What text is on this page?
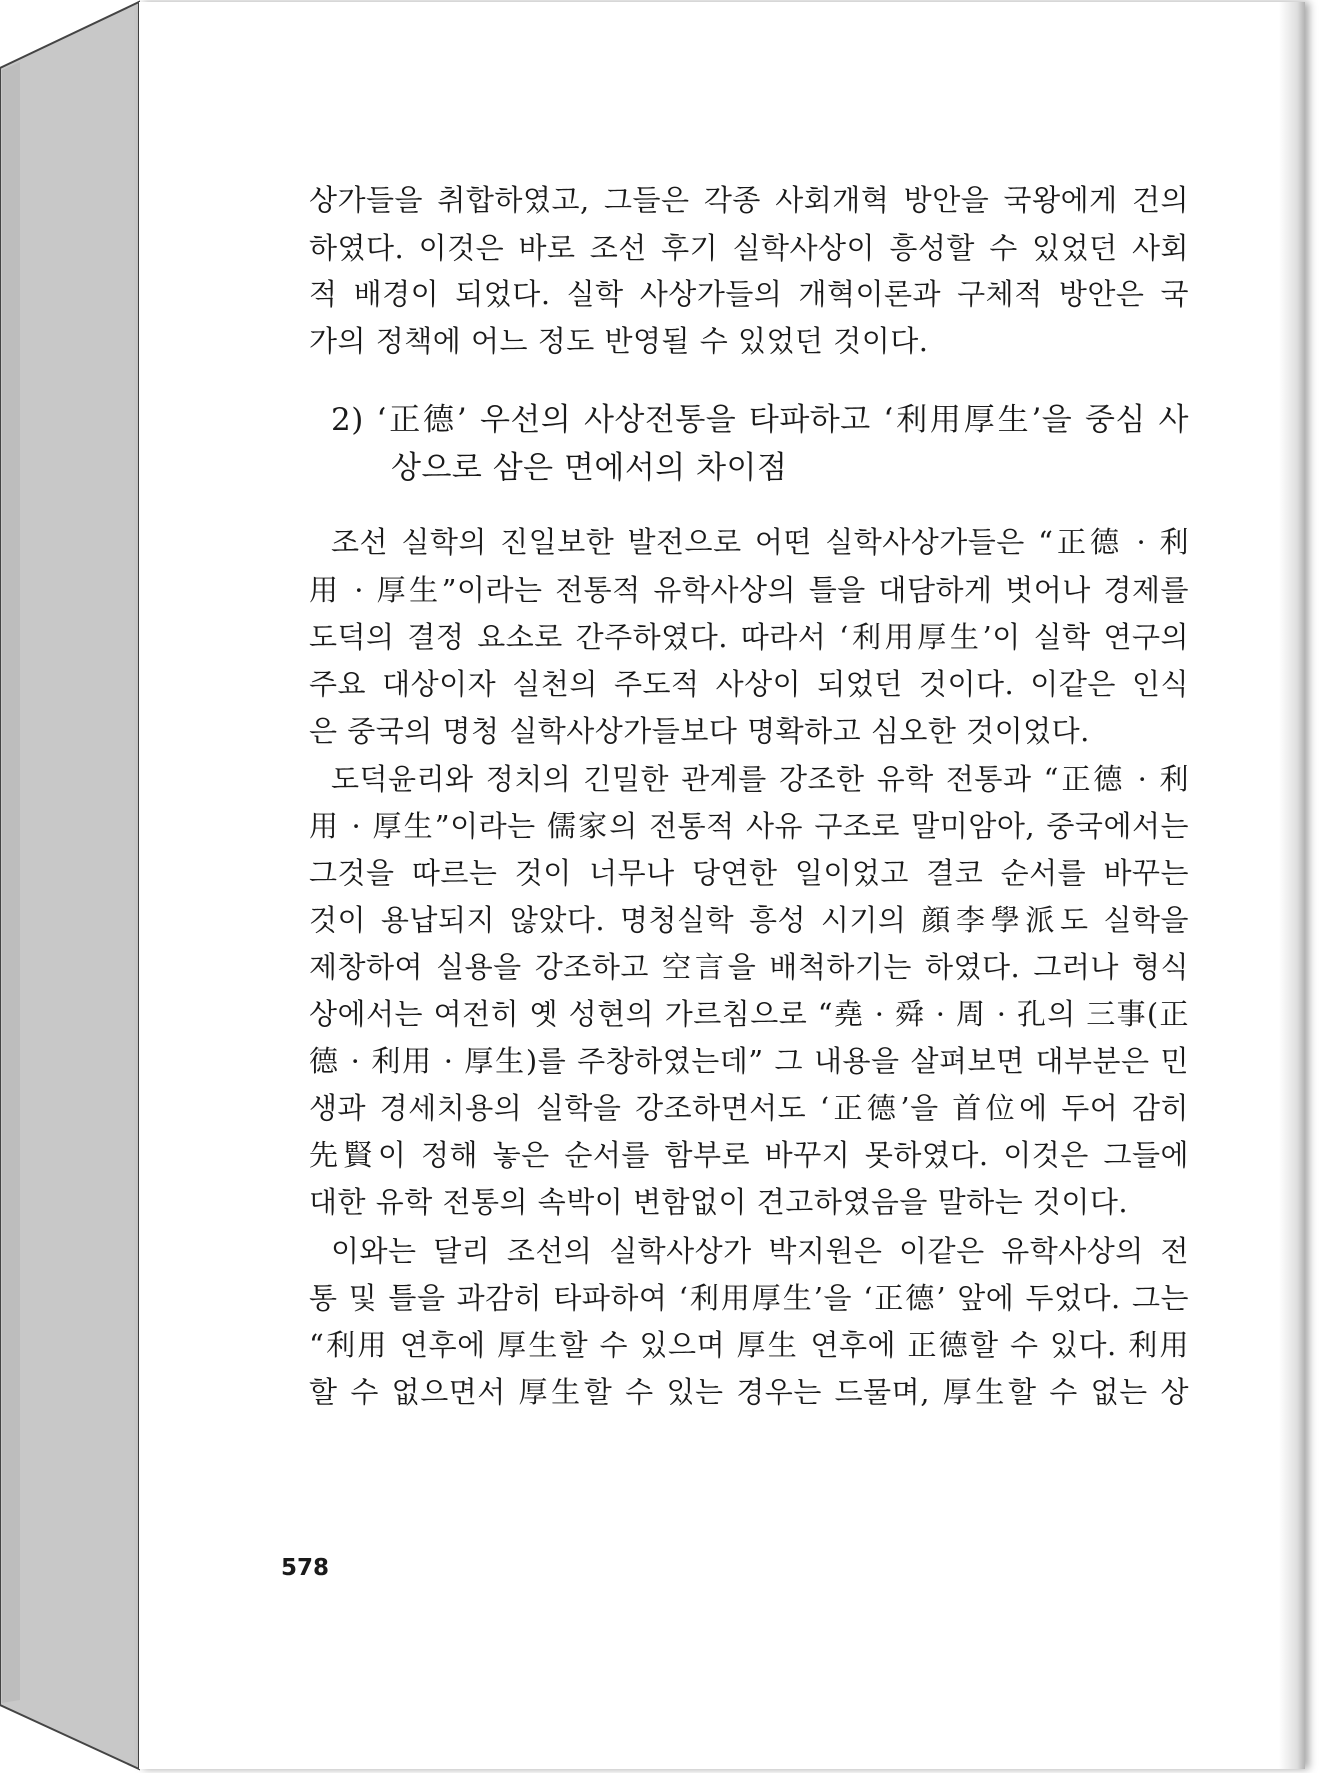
상가들을 취합하였고, 그들은 각종 사회개혁 방안을 국왕에게 건의
하였다. 이것은 바로 조선 후기 실학사상이 흥성할 수 있었던 사회
적 배경이 되었다. 실학 사상가들의 개혁이론과 구체적 방안은 국
가의 정책에 어느 정도 반영될 수 있었던 것이다.
2) ‘正德’ 우선의 사상전통을 타파하고 ‘利用厚生’을 중심 사
상으로 삼은 면에서의 차이점
조선 실학의 진일보한 발전으로 어떤 실학사상가들은 “正德 · 利
用 · 厚生”이라는 전통적 유학사상의 틀을 대담하게 벗어나 경제를
도덕의 결정 요소로 간주하였다. 따라서 ‘利用厚生’이 실학 연구의
주요 대상이자 실천의 주도적 사상이 되었던 것이다. 이같은 인식
은 중국의 명청 실학사상가들보다 명확하고 심오한 것이었다.
도덕윤리와 정치의 긴밀한 관계를 강조한 유학 전통과 “正德 · 利
用 · 厚生”이라는 儒家의 전통적 사유 구조로 말미암아, 중국에서는
그것을 따르는 것이 너무나 당연한 일이었고 결코 순서를 바꾸는
것이 용납되지 않았다. 명청실학 흥성 시기의 顔李學派도 실학을
제창하여 실용을 강조하고 空言을 배척하기는 하였다. 그러나 형식
상에서는 여전히 옛 성현의 가르침으로 “堯 · 舜 · 周 · 孔의 三事(正
德 · 利用 · 厚生)를 주창하였는데” 그 내용을 살펴보면 대부분은 민
생과 경세치용의 실학을 강조하면서도 ‘正德’을 首位에 두어 감히
先賢이 정해 놓은 순서를 함부로 바꾸지 못하였다. 이것은 그들에
대한 유학 전통의 속박이 변함없이 견고하였음을 말하는 것이다.
이와는 달리 조선의 실학사상가 박지원은 이같은 유학사상의 전
통 및 틀을 과감히 타파하여 ‘利用厚生’을 ‘正德’ 앞에 두었다. 그는
“利用 연후에 厚生할 수 있으며 厚生 연후에 正德할 수 있다. 利用
할 수 없으면서 厚生할 수 있는 경우는 드물며, 厚生할 수 없는 상
578
